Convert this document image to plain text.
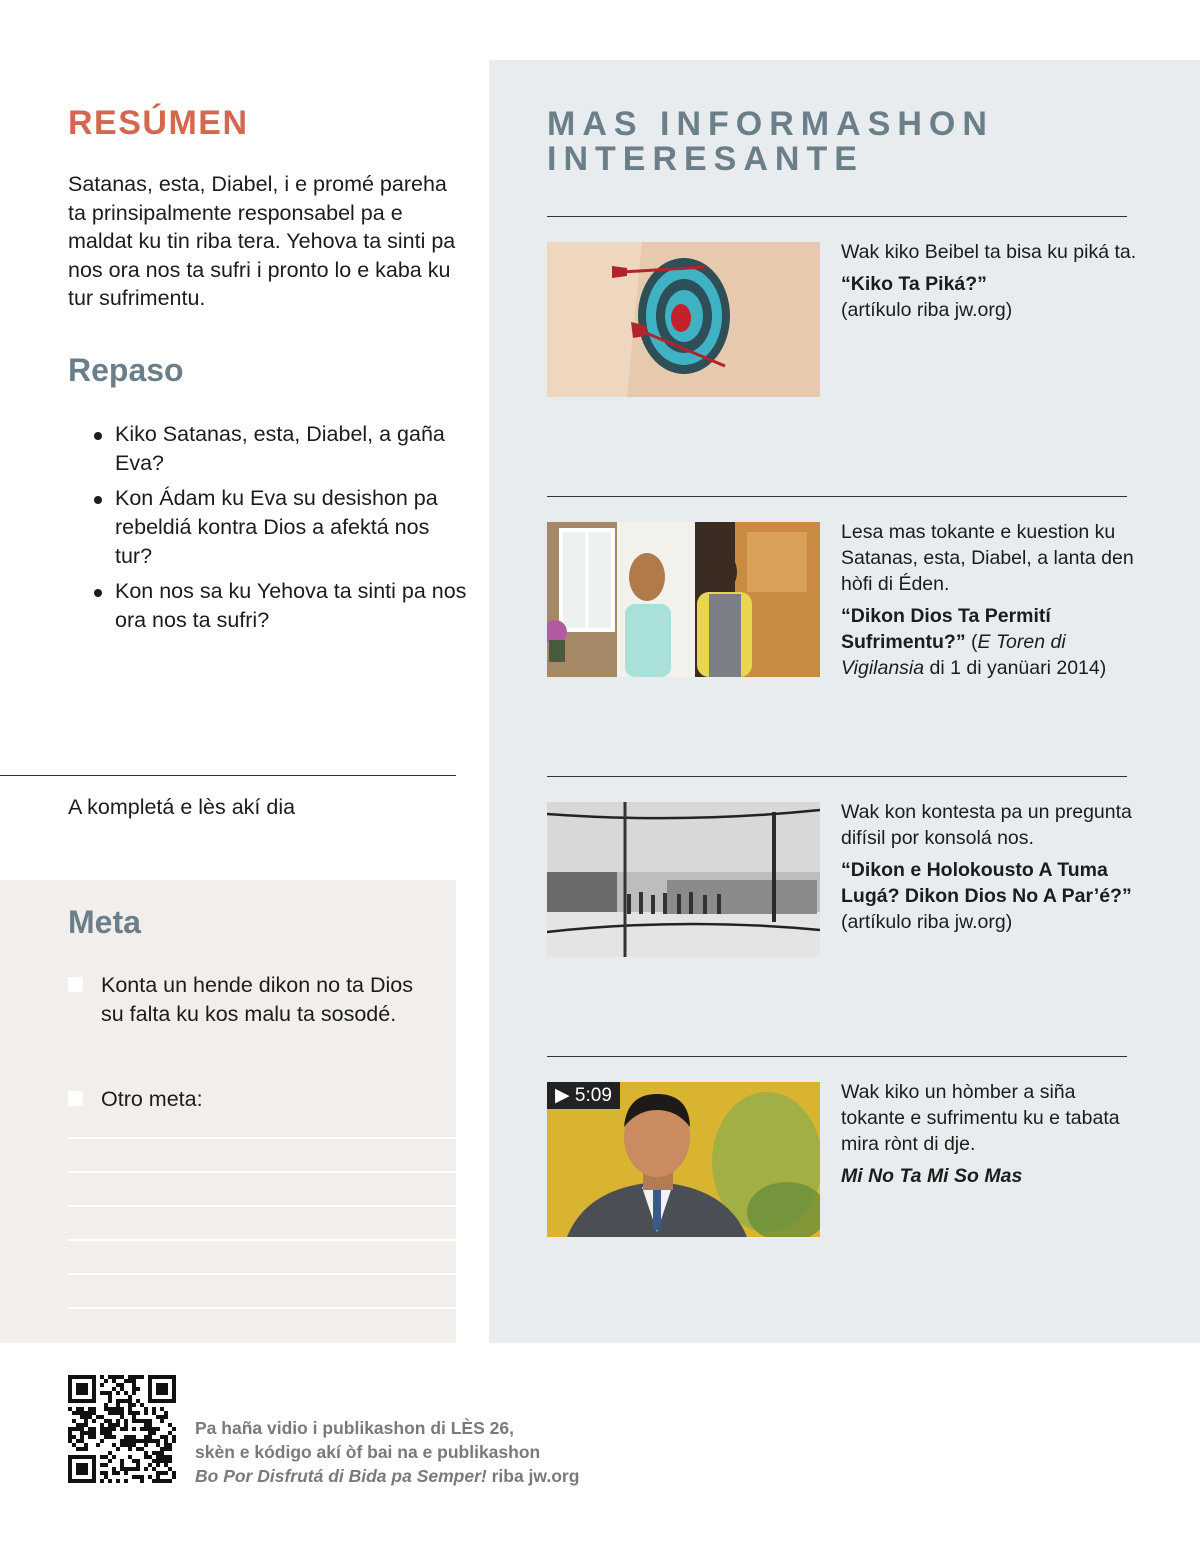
RESÚMEN

Satanas, esta, Diabel, i e promé pareha ta prinsipalmente responsabel pa e maldat ku tin riba tera. Yehova ta sinti pa nos ora nos ta sufri i pronto lo e kaba ku tur sufrimentu.

Repaso
Kiko Satanas, esta, Diabel, a gaña Eva?
Kon Ádam ku Eva su desishon pa rebeldiá kontra Dios a afektá nos tur?
Kon nos sa ku Yehova ta sinti pa nos ora nos ta sufri?

A kompletá e lès akí dia

Meta
Konta un hende dikon no ta Dios su falta ku kos malu ta sosodé.
Otro meta:
MAS INFORMASHON INTERESANTE
Wak kiko Beibel ta bisa ku piká ta.
“Kiko Ta Piká?”
(artíkulo riba jw.org)
Lesa mas tokante e kuestion ku Satanas, esta, Diabel, a lanta den hòfi di Éden.
“Dikon Dios Ta Permití Sufrimentu?” (E Toren di Vigilansia di 1 di yanüari 2014)
Wak kon kontesta pa un pregunta difísil por konsolá nos.
“Dikon e Holokousto A Tuma Lugá? Dikon Dios No A Par’é?”
(artíkulo riba jw.org)
▶ 5:09	Wak kiko un hòmber a siña tokante e sufrimentu ku e tabata mira rònt di dje.
Mi No Ta Mi So Mas

Pa haña vidio i publikashon di LÈS 26,
skèn e kódigo akí òf bai na e publikashon
Bo Por Disfrutá di Bida pa Semper! riba jw.org
